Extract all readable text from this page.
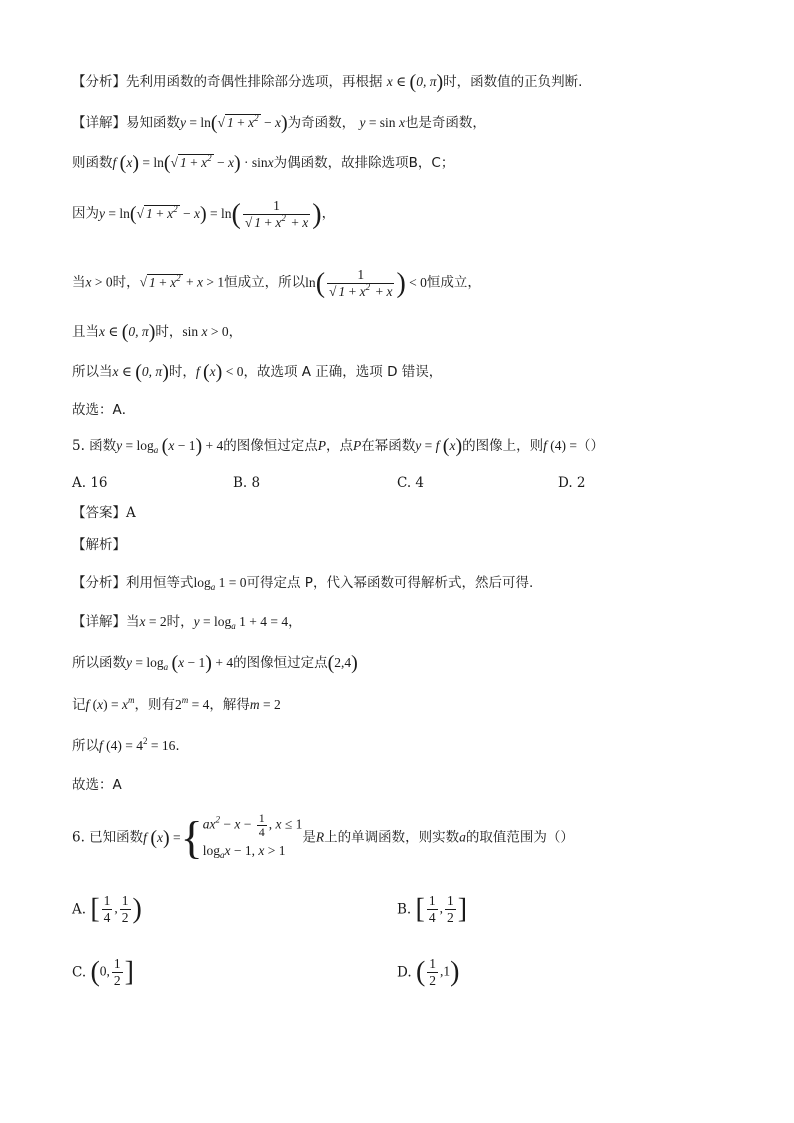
【分析】先利用函数的奇偶性排除部分选项，再根据 x ∈ (0, π)时，函数值的正负判断.
【详解】易知函数y = ln(√ $1 + x^2 - x$)为奇函数， y = sin x也是奇函数，
则函数f (x) = ln(√ $1 + x^2 - x) \cdot \sin x$为偶函数，故排除选项B，C；
因为y = ln(√ $1 + x^2 - x) = \ln( \frac{1}{√ 1 + x^2 + x}$ )，
当x > 0时，√ $1 + x^2 + x > 1$恒成立，所以$\ln( \frac{1}{√ 1 + x^2 + x}$ ) < 0恒成立，
且当x ∈ (0, π)时，sin x > 0，
所以当x ∈ (0, π)时，f (x) < 0，故选项 A 正确，选项 D 错误，
故选：A．
5. 函数$y = \log_a (x - 1) + 4$的图像恒过定点P，点P在幂函数y = f (x)的图像上，则f (4) =（）
A. 16	B. 8	C. 4	D. 2
【答案】A
【解析】
【分析】利用恒等式$\log_a 1 = 0$可得定点 P，代入幂函数可得解析式，然后可得.
【详解】当x = 2时，$y = \log_a 1 + 4 = 4$，
所以函数$y = \log_a (x - 1) + 4$的图像恒过定点(2,4)
记f $(x) = x^m$，则有$2^m = 4$，解得m = 2
所以f $(4) = 4^2 = 16$.
故选：A
6. 已知函数f (x) ={ $ax^2 - x - \frac{1}{4}$ , x ≤ 1
$\log_ax - 1$, x > 1
是R上的单调函数，则实数a的取值范围为（）
A. [ $\frac{1}{4}$ , $\frac{1}{2}$ )	B. [ $\frac{1}{4}$ , $\frac{1}{2}$ ]
C. (0, $\frac{1}{2}$ ]	D. ( $\frac{1}{2} ,1$)
